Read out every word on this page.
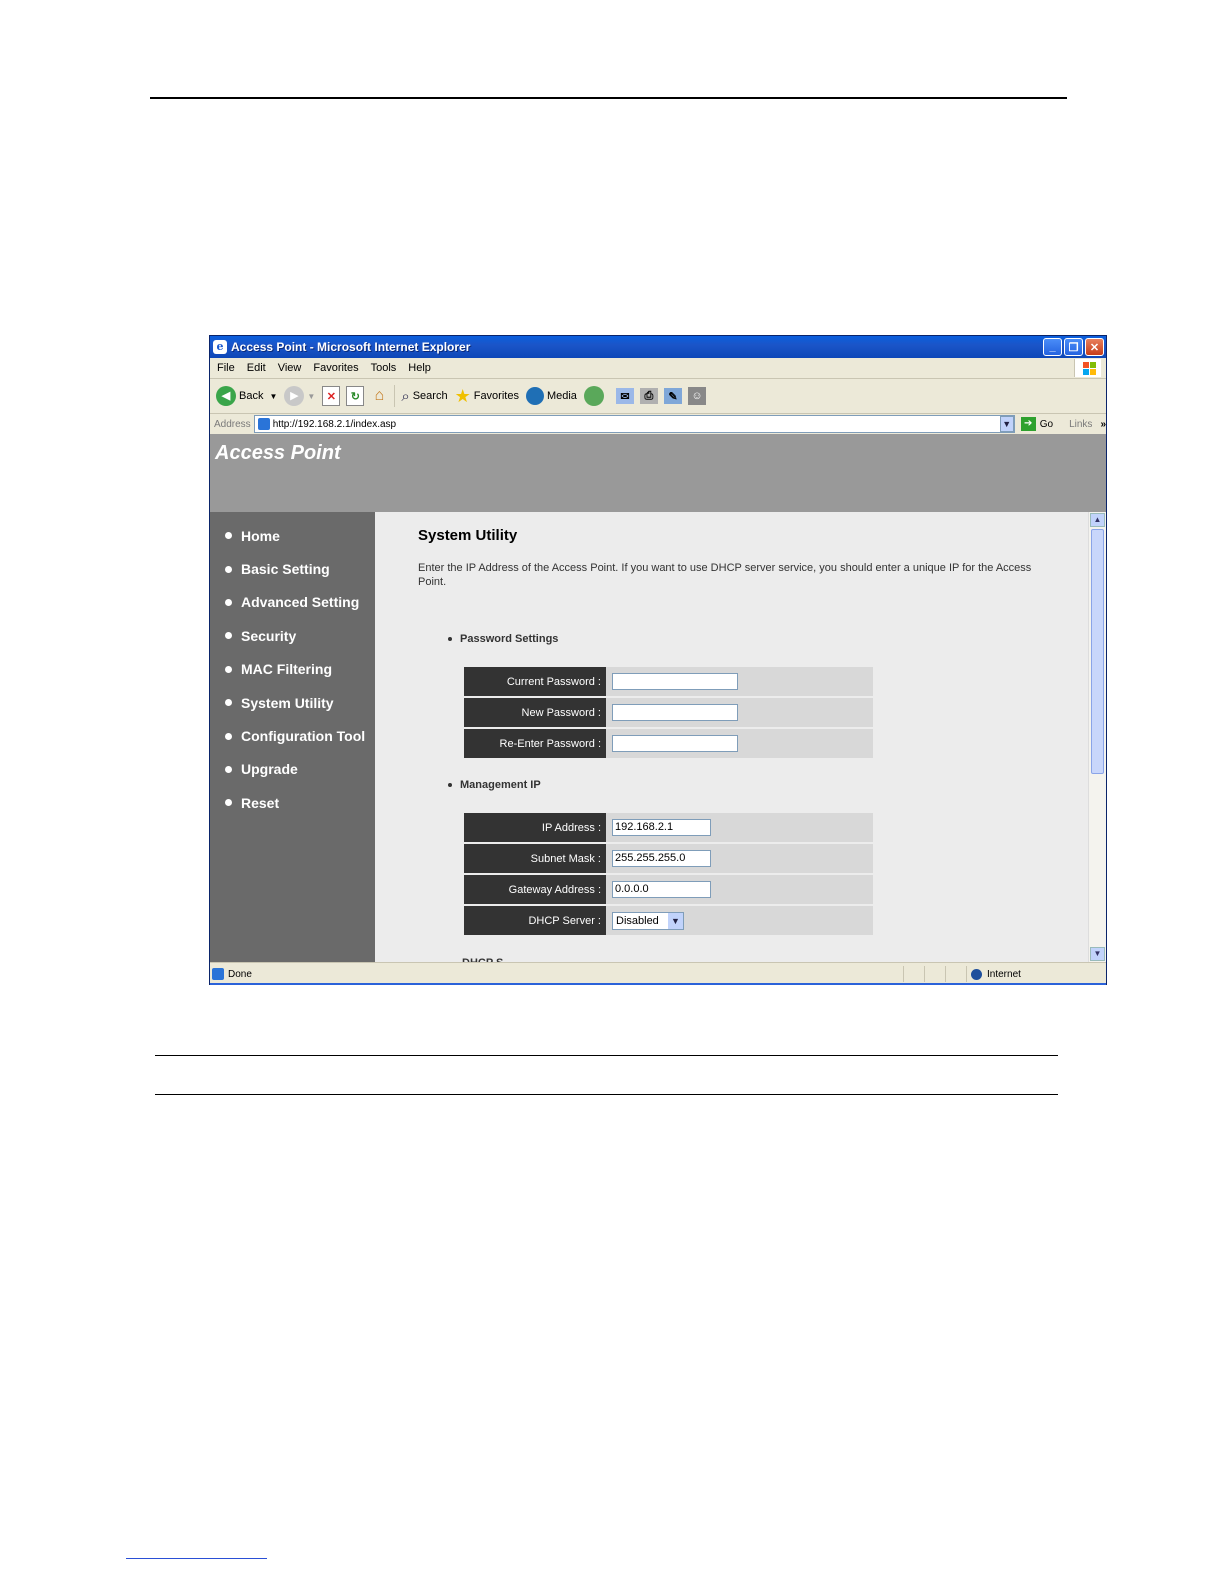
e Access Point - Microsoft Internet Explorer	_	❐	✕
File Edit View Favorites Tools Help
◀ Back ▼	▶	▼	✕	↻ ⌂ ⌕ Search ★ Favorites	Media	✉	⎙	✎	☺
Address http://192.168.2.1/index.asp	▼	➔ Go Links »
Access Point
Home
Basic Setting
Advanced Setting
Security
MAC Filtering
System Utility
Configuration Tool
Upgrade
Reset
System Utility
Enter the IP Address of the Access Point. If you want to use DHCP server service, you should enter a unique IP for the Access Point.
Password Settings
Current Password :
New Password :
Re-Enter Password :
Management IP
IP Address :	192.168.2.1
Subnet Mask :	255.255.255.0
Gateway Address :	0.0.0.0
DHCP Server :	Disabled	▼
▲
▼
Done	Internet
